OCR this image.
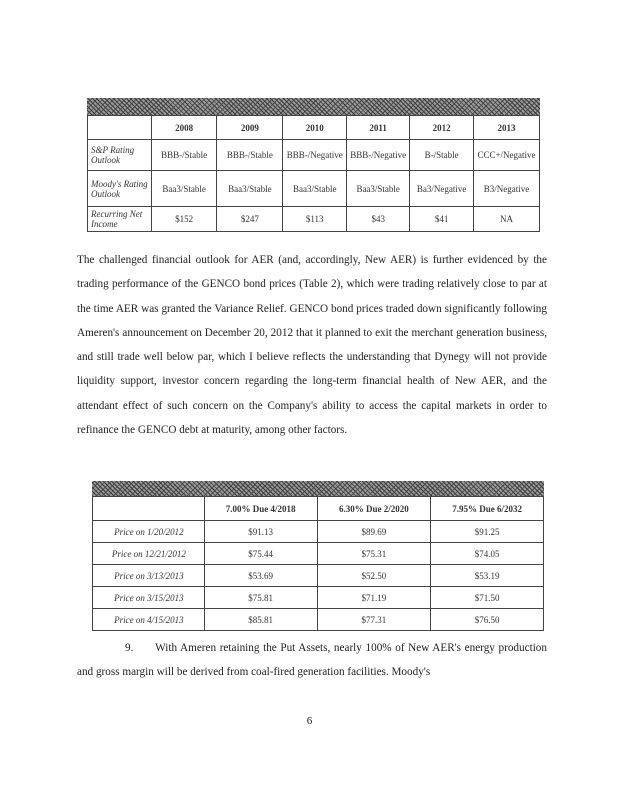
	2008	2009	2010	2011	2012	2013
S&P Rating Outlook	BBB-/Stable	BBB-/Stable	BBB-/Negative	BBB-/Negative	B-/Stable	CCC+/Negative
Moody's Rating Outlook	Baa3/Stable	Baa3/Stable	Baa3/Stable	Baa3/Stable	Ba3/Negative	B3/Negative
Recurring Net Income	$152	$247	$113	$43	$41	NA

The challenged financial outlook for AER (and, accordingly, New AER) is further evidenced by the trading performance of the GENCO bond prices (Table 2), which were trading relatively close to par at the time AER was granted the Variance Relief. GENCO bond prices traded down significantly following Ameren's announcement on December 20, 2012 that it planned to exit the merchant generation business, and still trade well below par, which I believe reflects the understanding that Dynegy will not provide liquidity support, investor concern regarding the long-term financial health of New AER, and the attendant effect of such concern on the Company's ability to access the capital markets in order to refinance the GENCO debt at maturity, among other factors.

	7.00% Due 4/2018	6.30% Due 2/2020	7.95% Due 6/2032
Price on 1/20/2012	$91.13	$89.69	$91.25
Price on 12/21/2012	$75.44	$75.31	$74.05
Price on 3/13/2013	$53.69	$52.50	$53.19
Price on 3/15/2013	$75.81	$71.19	$71.50
Price on 4/15/2013	$85.81	$77.31	$76.50

9.      With Ameren retaining the Put Assets, nearly 100% of New AER's energy production and gross margin will be derived from coal-fired generation facilities. Moody's

6
